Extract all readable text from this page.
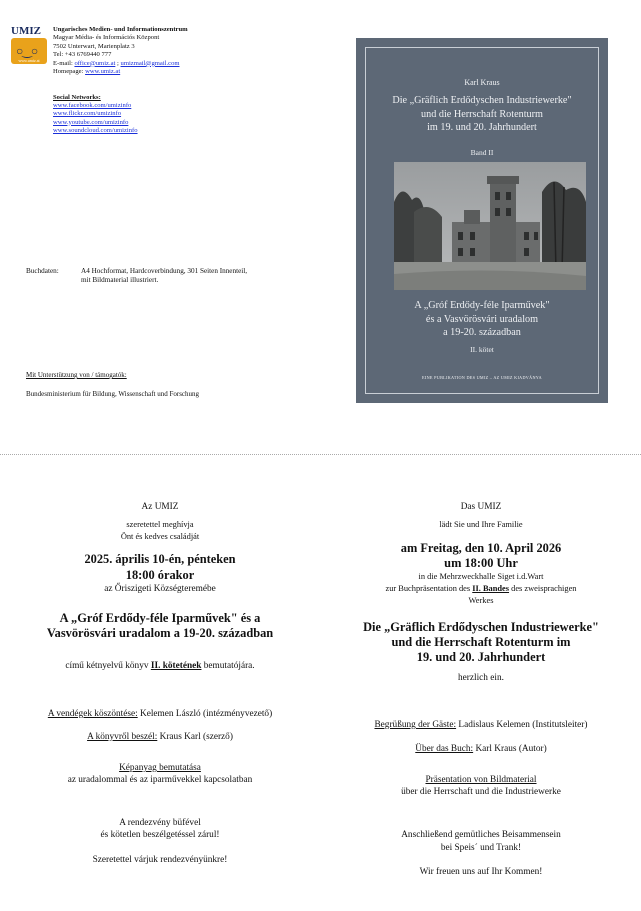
UMIZ
○‿○
www.umiz.at
Ungarisches Medien- und Informationszentrum
Magyar Média- és Információs Központ
7502 Unterwart, Marienplatz 3
Tel: +43 6769440 777
E-mail: office@umiz.at ; umizmail@gmail.com
Homepage: www.umiz.at
Social Networks:
www.facebook.com/umizinfo
www.flickr.com/umizinfo
www.youtube.com/umizinfo
www.soundcloud.com/umizinfo
Buchdaten:	A4 Hochformat, Hardcoverbindung, 301 Seiten Innenteil,
mit Bildmaterial illustriert.
Mit Unterstützung von / támogatók:
Bundesministerium für Bildung, Wissenschaft und Forschung
Karl Kraus
Die „Gräflich Erdődyschen Industriewerke"
und die Herrschaft Rotenturm
im 19. und 20. Jahrhundert
Band II
A „Gróf Erdődy-féle Iparművek"
és a Vasvörösvári uradalom
a 19-20. században
II. kötet
EINE PUBLIKATION DES UMIZ – AZ UMIZ KIADVÁNYA
Az UMIZ
szeretettel meghívja
Önt és kedves családját
2025. április 10-én, pénteken
18:00 órakor
az Őriszigeti Községteremébe
A „Gróf Erdődy-féle Iparművek" és a
Vasvörösvári uradalom a 19-20. században
című kétnyelvű könyv II. kötetének bemutatójára.
A vendégek köszöntése: Kelemen László (intézményvezető)
A könyvről beszél: Kraus Karl (szerző)
Képanyag bemutatása
az uradalommal és az iparművekkel kapcsolatban
A rendezvény büfével
és kötetlen beszélgetéssel zárul!
Szeretettel várjuk rendezvényünkre!
Das UMIZ
lädt Sie und Ihre Familie
am Freitag, den 10. April 2026
um 18:00 Uhr
in die Mehrzweckhalle Siget i.d.Wart
zur Buchpräsentation des II. Bandes des zweisprachigen
Werkes
Die „Gräflich Erdődyschen Industriewerke"
und die Herrschaft Rotenturm im
19. und 20. Jahrhundert
herzlich ein.
Begrüßung der Gäste: Ladislaus Kelemen (Institutsleiter)
Über das Buch: Karl Kraus (Autor)
Präsentation von Bildmaterial
über die Herrschaft und die Industriewerke
Anschließend gemütliches Beisammensein
bei Speis´ und Trank!
Wir freuen uns auf Ihr Kommen!
